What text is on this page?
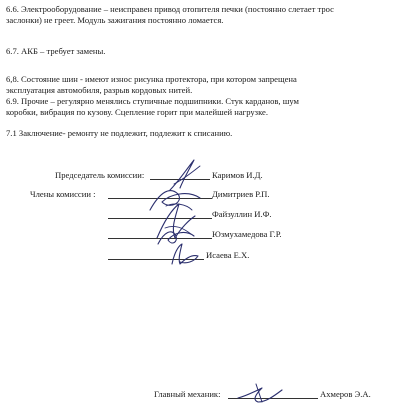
6.6. Электрооборудование – неисправен привод отопителя печки (постоянно слетает трос
заслонки) не греет. Модуль зажигания постоянно ломается.

6.7. АКБ – требует замены.

6,8. Состояние шин - имеют износ рисунка протектора, при котором запрещена
эксплуатация автомобиля, разрыв кордовых нитей.

6.9. Прочие – регулярно менялись ступичные подшипники. Стук карданов, шум
коробки, вибрация по кузову. Сцепление горит при малейшей нагрузке.

7.1 Заключение- ремонту не подлежит, подлежит к списанию.

Председатель комиссии:	Каримов И.Д.
Члены комиссии :	Димитриев Р.П.
Файзуллин И.Ф.
Юзмухамедова Г.Р.
Исаева Е.Х.
Главный механик:	Ахмеров Э.А.
